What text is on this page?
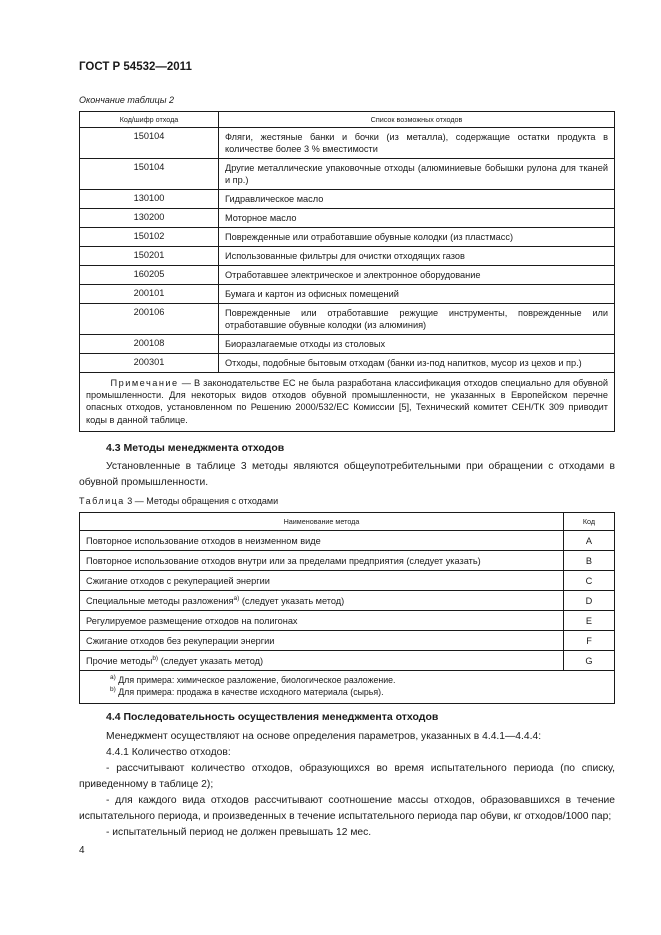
ГОСТ Р 54532—2011
Окончание таблицы 2
Код/шифр отхода	Список возможных отходов
150104	Фляги, жестяные банки и бочки (из металла), содержащие остатки продукта в количестве более 3 % вместимости
150104	Другие металлические упаковочные отходы (алюминиевые бобышки рулона для тканей и пр.)
130100	Гидравлическое масло
130200	Моторное масло
150102	Поврежденные или отработавшие обувные колодки (из пластмасс)
150201	Использованные фильтры для очистки отходящих газов
160205	Отработавшее электрическое и электронное оборудование
200101	Бумага и картон из офисных помещений
200106	Поврежденные или отработавшие режущие инструменты, поврежденные или отработавшие обувные колодки (из алюминия)
200108	Биоразлагаемые отходы из столовых
200301	Отходы, подобные бытовым отходам (банки из-под напитков, мусор из цехов и пр.)
Примечание — В законодательстве ЕС не была разработана классификация отходов специально для обувной промышленности. Для некоторых видов отходов обувной промышленности, не указанных в Европейском перечне опасных отходов, установленном по Решению 2000/532/ЕС Комиссии [5], Технический комитет СЕН/ТК 309 приводит коды в данной таблице.	
4.3 Методы менеджмента отходов
Установленные в таблице 3 методы являются общеупотребительными при обращении с отходами в обувной промышленности.
Таблица 3 — Методы обращения с отходами
Наименование метода	Код
Повторное использование отходов в неизменном виде	A
Повторное использование отходов внутри или за пределами предприятия (следует указать)	B
Сжигание отходов с рекуперацией энергии	C
Специальные методы разложения$^{a)}$ (следует указать метод)	D
Регулируемое размещение отходов на полигонах	E
Сжигание отходов без рекуперации энергии	F
Прочие методы$^{b)}$ (следует указать метод)	G

$^{a)}$ Для примера: химическое разложение, биологическое разложение.
$^{b)}$ Для примера: продажа в качестве исходного материала (сырья).	
4.4 Последовательность осуществления менеджмента отходов
Менеджмент осуществляют на основе определения параметров, указанных в 4.4.1—4.4.4:
4.4.1 Количество отходов:
- рассчитывают количество отходов, образующихся во время испытательного периода (по списку, приведенному в таблице 2);
- для каждого вида отходов рассчитывают соотношение массы отходов, образовавшихся в течение испытательного периода, и произведенных в течение испытательного периода пар обуви, кг отходов/1000 пар;
- испытательный период не должен превышать 12 мес.
4
